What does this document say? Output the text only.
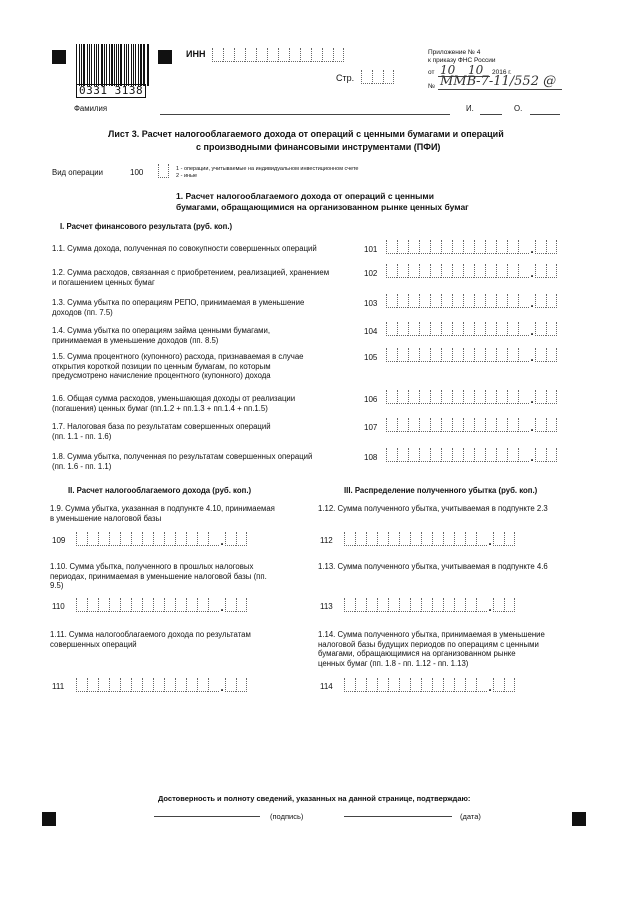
0331 3138
ИНН
Стр.
Приложение № 4
к приказу ФНС России
от 10 10 2016 г.
№ ММВ-7-11/552 @
Фамилия	И.	О.
Лист 3. Расчет налогооблагаемого дохода от операций с ценными бумагами и операций
с производными финансовыми инструментами (ПФИ)
Вид операции	100	1 - операции, учитываемые на индивидуальном инвестиционном счете
2 - иные
1. Расчет налогооблагаемого дохода от операций с ценными
бумагами, обращающимися на организованном рынке ценных бумаг
I. Расчет финансового результата (руб. коп.)
1.1. Сумма дохода, полученная по совокупности совершенных операций	101	.
1.2. Сумма расходов, связанная с приобретением, реализацией, хранением
и погашением ценных бумаг
102	.
1.3. Сумма убытка по операциям РЕПО, принимаемая в уменьшение
доходов (пп. 7.5)
103	.
1.4. Сумма убытка по операциям займа ценными бумагами,
принимаемая в уменьшение доходов (пп. 8.5)
104	.
1.5. Сумма процентного (купонного) расхода, признаваемая в случае
открытия короткой позиции по ценным бумагам, по которым
предусмотрено начисление процентного (купонного) дохода
105	.
1.6. Общая сумма расходов, уменьшающая доходы от реализации
(погашения) ценных бумаг (пп.1.2 + пп.1.3 + пп.1.4 + пп.1.5)
106	.
1.7. Налоговая база по результатам совершенных операций
(пп. 1.1 - пп. 1.6)
107	.
1.8. Сумма убытка, полученная по результатам совершенных операций
(пп. 1.6 - пп. 1.1)
108	.
II. Расчет налогооблагаемого дохода (руб. коп.)	III. Распределение полученного убытка (руб. коп.)
1.9. Сумма убытка, указанная в подпункте 4.10, принимаемая
в уменьшение налоговой базы
109	.
1.10. Сумма убытка, полученного в прошлых налоговых
периодах, принимаемая в уменьшение налоговой базы (пп.
9.5)
110	.
1.11. Сумма налогооблагаемого дохода по результатам
совершенных операций
111	.
1.12. Сумма полученного убытка, учитываемая в подпункте 2.3
112	.
1.13. Сумма полученного убытка, учитываемая в подпункте 4.6
113	.
1.14. Сумма полученного убытка, принимаемая в уменьшение
налоговой базы будущих периодов по операциям с ценными
бумагами, обращающимися на организованном рынке
ценных бумаг (пп. 1.8 - пп. 1.12 - пп. 1.13)
114	.
Достоверность и полноту сведений, указанных на данной странице, подтверждаю:
(подпись)	(дата)
